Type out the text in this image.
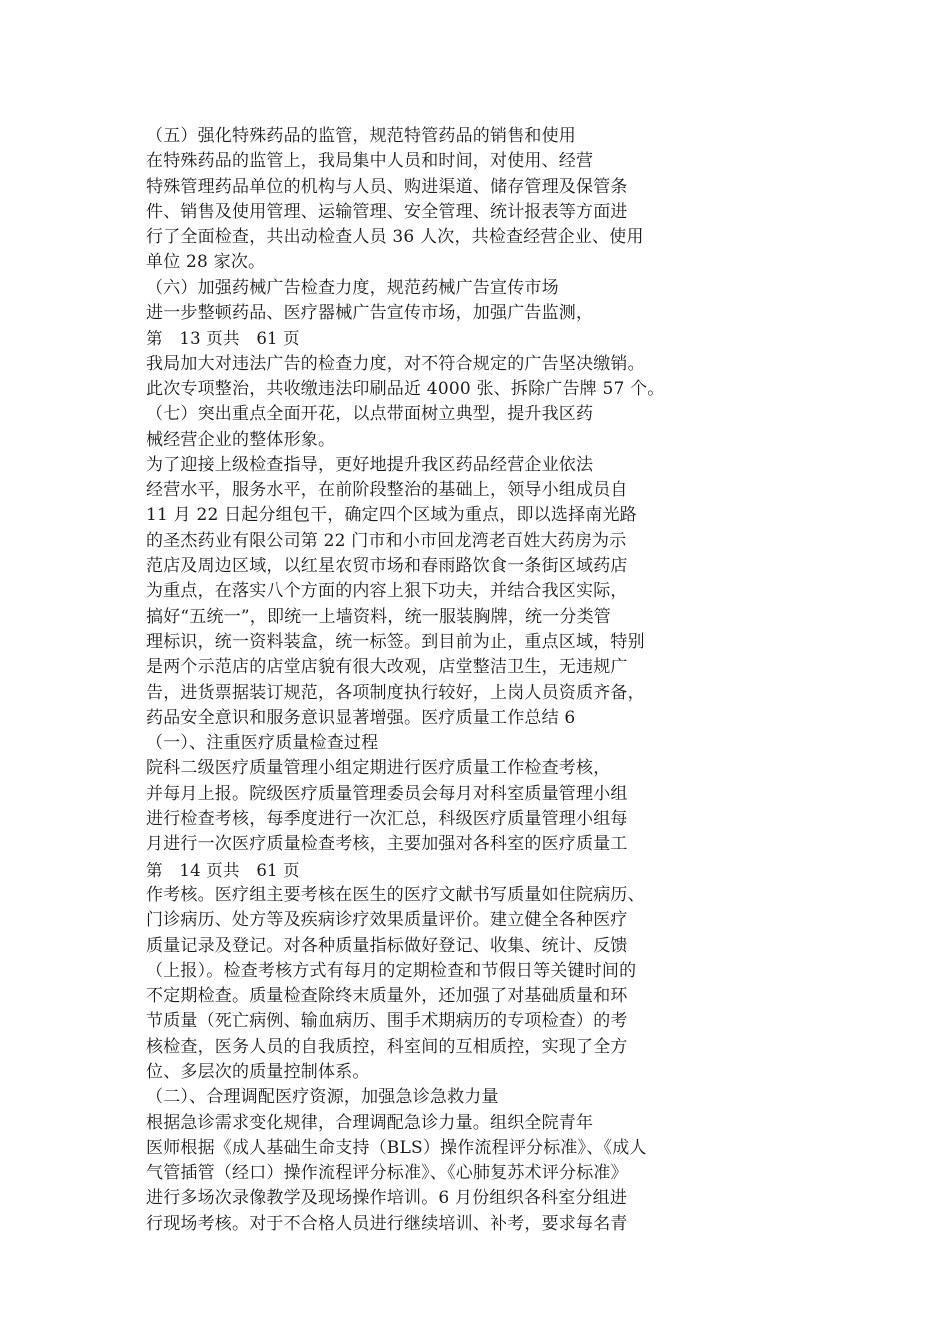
（五）强化特殊药品的监管，规范特管药品的销售和使用
在特殊药品的监管上，我局集中人员和时间，对使用、经营
特殊管理药品单位的机构与人员、购进渠道、储存管理及保管条
件、销售及使用管理、运输管理、安全管理、统计报表等方面进
行了全面检查，共出动检查人员 36 人次，共检查经营企业、使用
单位 28 家次。
（六）加强药械广告检查力度，规范药械广告宣传市场
进一步整顿药品、医疗器械广告宣传市场，加强广告监测，
第　13 页共　61 页
我局加大对违法广告的检查力度，对不符合规定的广告坚决缴销。
此次专项整治，共收缴违法印刷品近 4000 张、拆除广告牌 57 个。
（七）突出重点全面开花，以点带面树立典型，提升我区药
械经营企业的整体形象。
为了迎接上级检查指导，更好地提升我区药品经营企业依法
经营水平，服务水平，在前阶段整治的基础上，领导小组成员自
11 月 22 日起分组包干，确定四个区域为重点，即以选择南光路
的圣杰药业有限公司第 22 门市和小市回龙湾老百姓大药房为示
范店及周边区域，以红星农贸市场和春雨路饮食一条街区域药店
为重点，在落实八个方面的内容上狠下功夫，并结合我区实际，
搞好“五统一”，即统一上墙资料，统一服装胸牌，统一分类管
理标识，统一资料装盒，统一标签。到目前为止，重点区域，特别
是两个示范店的店堂店貌有很大改观，店堂整洁卫生，无违规广
告，进货票据装订规范，各项制度执行较好，上岗人员资质齐备，
药品安全意识和服务意识显著增强。医疗质量工作总结 6
（一）、注重医疗质量检查过程
院科二级医疗质量管理小组定期进行医疗质量工作检查考核，
并每月上报。院级医疗质量管理委员会每月对科室质量管理小组
进行检查考核，每季度进行一次汇总，科级医疗质量管理小组每
月进行一次医疗质量检查考核，主要加强对各科室的医疗质量工
第　14 页共　61 页
作考核。医疗组主要考核在医生的医疗文献书写质量如住院病历、
门诊病历、处方等及疾病诊疗效果质量评价。建立健全各种医疗
质量记录及登记。对各种质量指标做好登记、收集、统计、反馈
（上报）。检查考核方式有每月的定期检查和节假日等关键时间的
不定期检查。质量检查除终末质量外，还加强了对基础质量和环
节质量（死亡病例、输血病历、围手术期病历的专项检查）的考
核检查，医务人员的自我质控，科室间的互相质控，实现了全方
位、多层次的质量控制体系。
（二）、合理调配医疗资源，加强急诊急救力量
根据急诊需求变化规律，合理调配急诊力量。组织全院青年
医师根据《成人基础生命支持（BLS）操作流程评分标准》、《成人
气管插管（经口）操作流程评分标准》、《心肺复苏术评分标准》
进行多场次录像教学及现场操作培训。6 月份组织各科室分组进
行现场考核。对于不合格人员进行继续培训、补考，要求每名青
